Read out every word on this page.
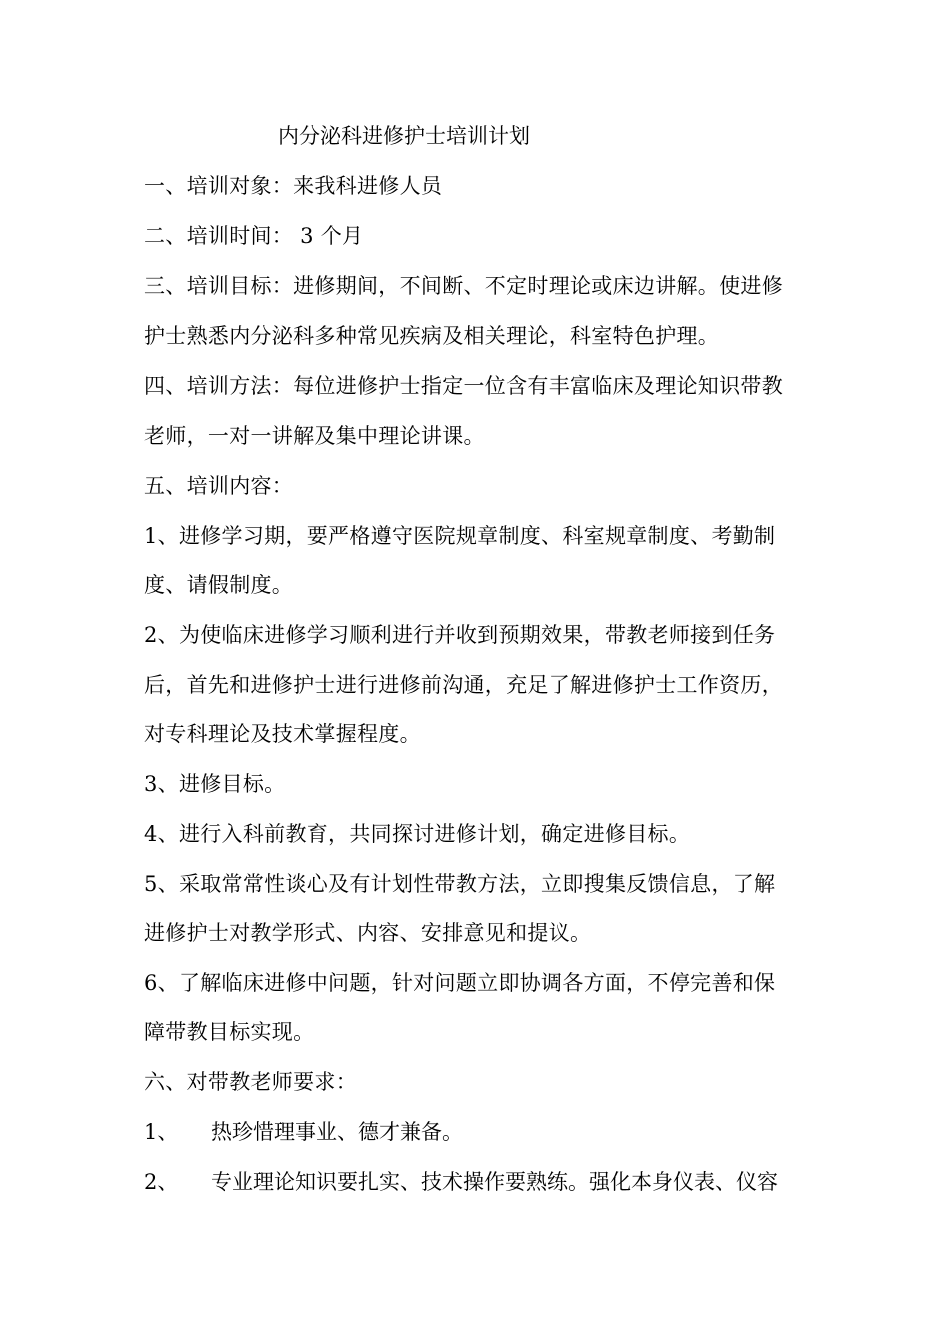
内分泌科进修护士培训计划
一、培训对象：来我科进修人员
二、培训时间： 3 个月
三、培训目标：进修期间，不间断、不定时理论或床边讲解。使进修
护士熟悉内分泌科多种常见疾病及相关理论，科室特色护理。
四、培训方法：每位进修护士指定一位含有丰富临床及理论知识带教
老师，一对一讲解及集中理论讲课。
五、培训内容：
1、进修学习期，要严格遵守医院规章制度、科室规章制度、考勤制
度、请假制度。
2、为使临床进修学习顺利进行并收到预期效果，带教老师接到任务
后，首先和进修护士进行进修前沟通，充足了解进修护士工作资历，
对专科理论及技术掌握程度。
3、进修目标。
4、进行入科前教育，共同探讨进修计划，确定进修目标。
5、采取常常性谈心及有计划性带教方法，立即搜集反馈信息，了解
进修护士对教学形式、内容、安排意见和提议。
6、了解临床进修中问题，针对问题立即协调各方面，不停完善和保
障带教目标实现。
六、对带教老师要求：
1、 热珍惜理事业、德才兼备。
2、 专业理论知识要扎实、技术操作要熟练。强化本身仪表、仪容
